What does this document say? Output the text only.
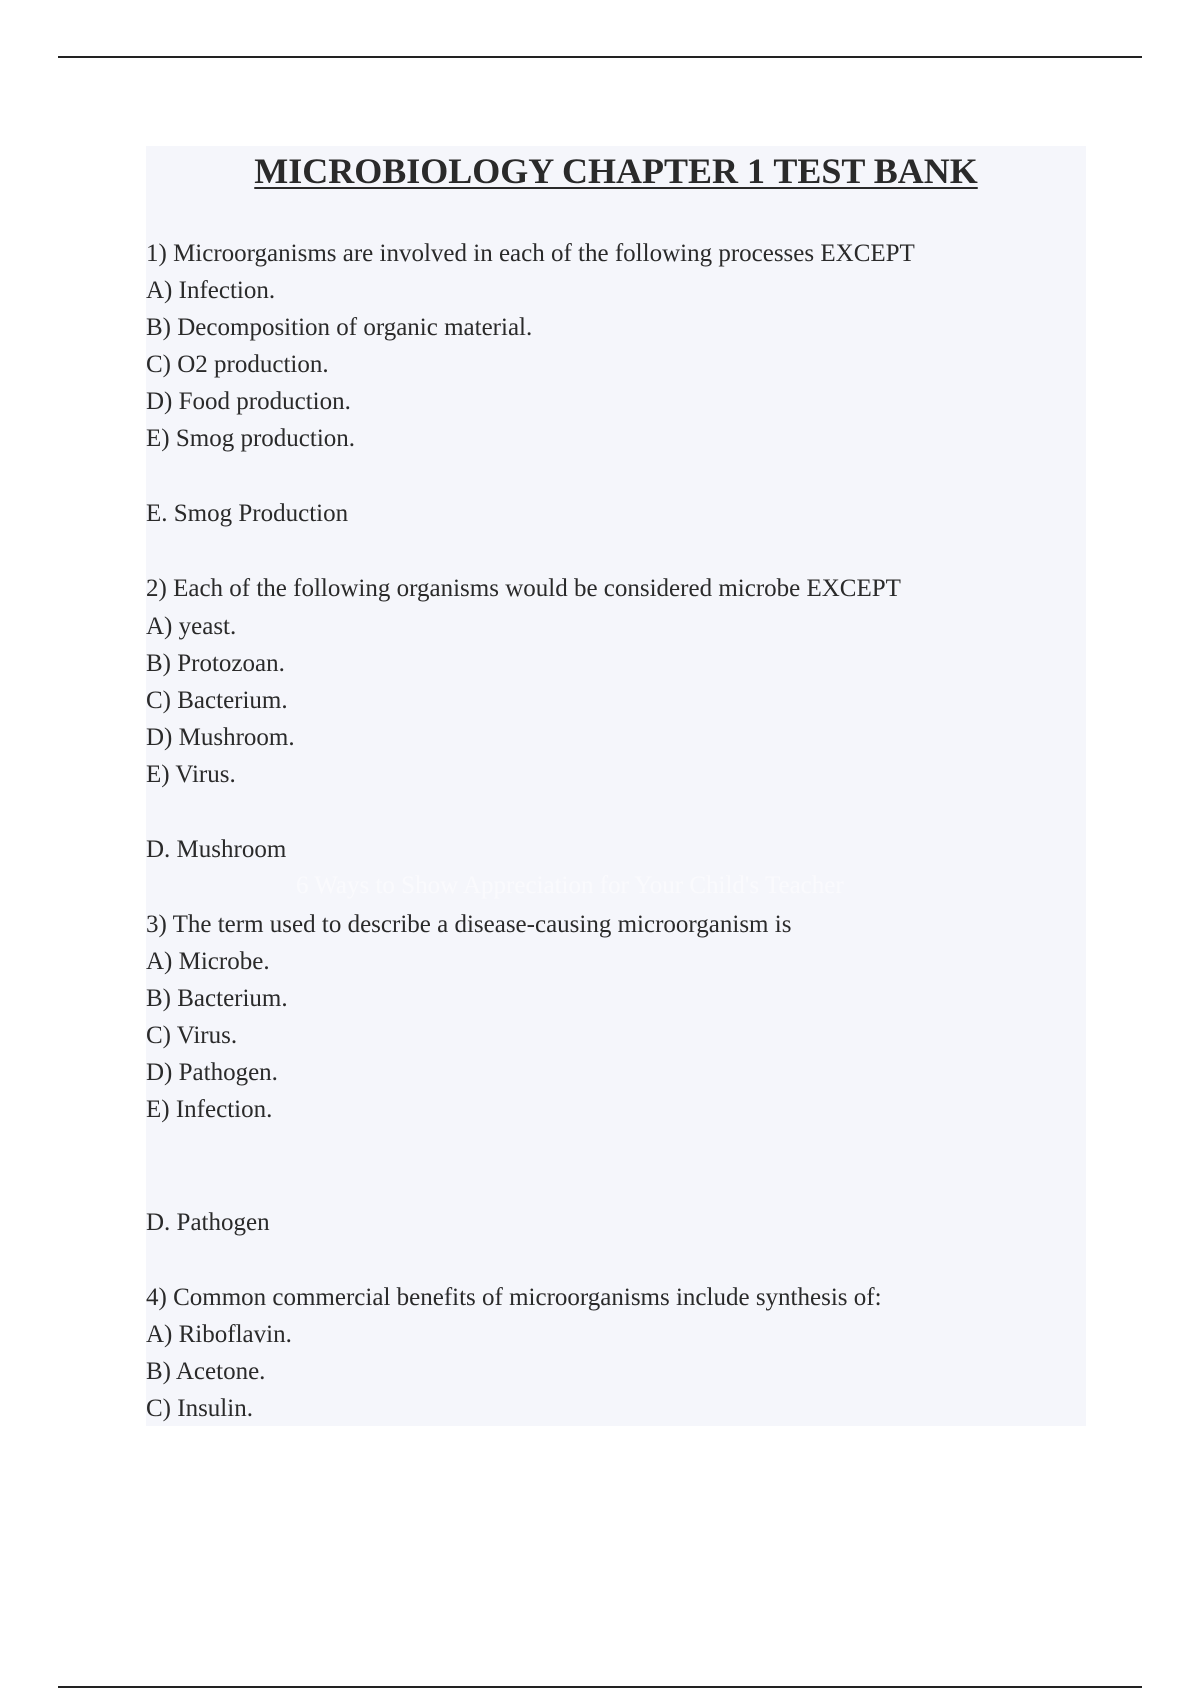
MICROBIOLOGY CHAPTER 1 TEST BANK
6 Ways to Show Appreciation for Your Child's Teacher
1) Microorganisms are involved in each of the following processes EXCEPT
A) Infection.
B) Decomposition of organic material.
C) O2 production.
D) Food production.
E) Smog production.
E. Smog Production
2) Each of the following organisms would be considered microbe EXCEPT
A) yeast.
B) Protozoan.
C) Bacterium.
D) Mushroom.
E) Virus.
D. Mushroom
3) The term used to describe a disease-causing microorganism is
A) Microbe.
B) Bacterium.
C) Virus.
D) Pathogen.
E) Infection.
D. Pathogen
4) Common commercial benefits of microorganisms include synthesis of:
A) Riboflavin.
B) Acetone.
C) Insulin.
